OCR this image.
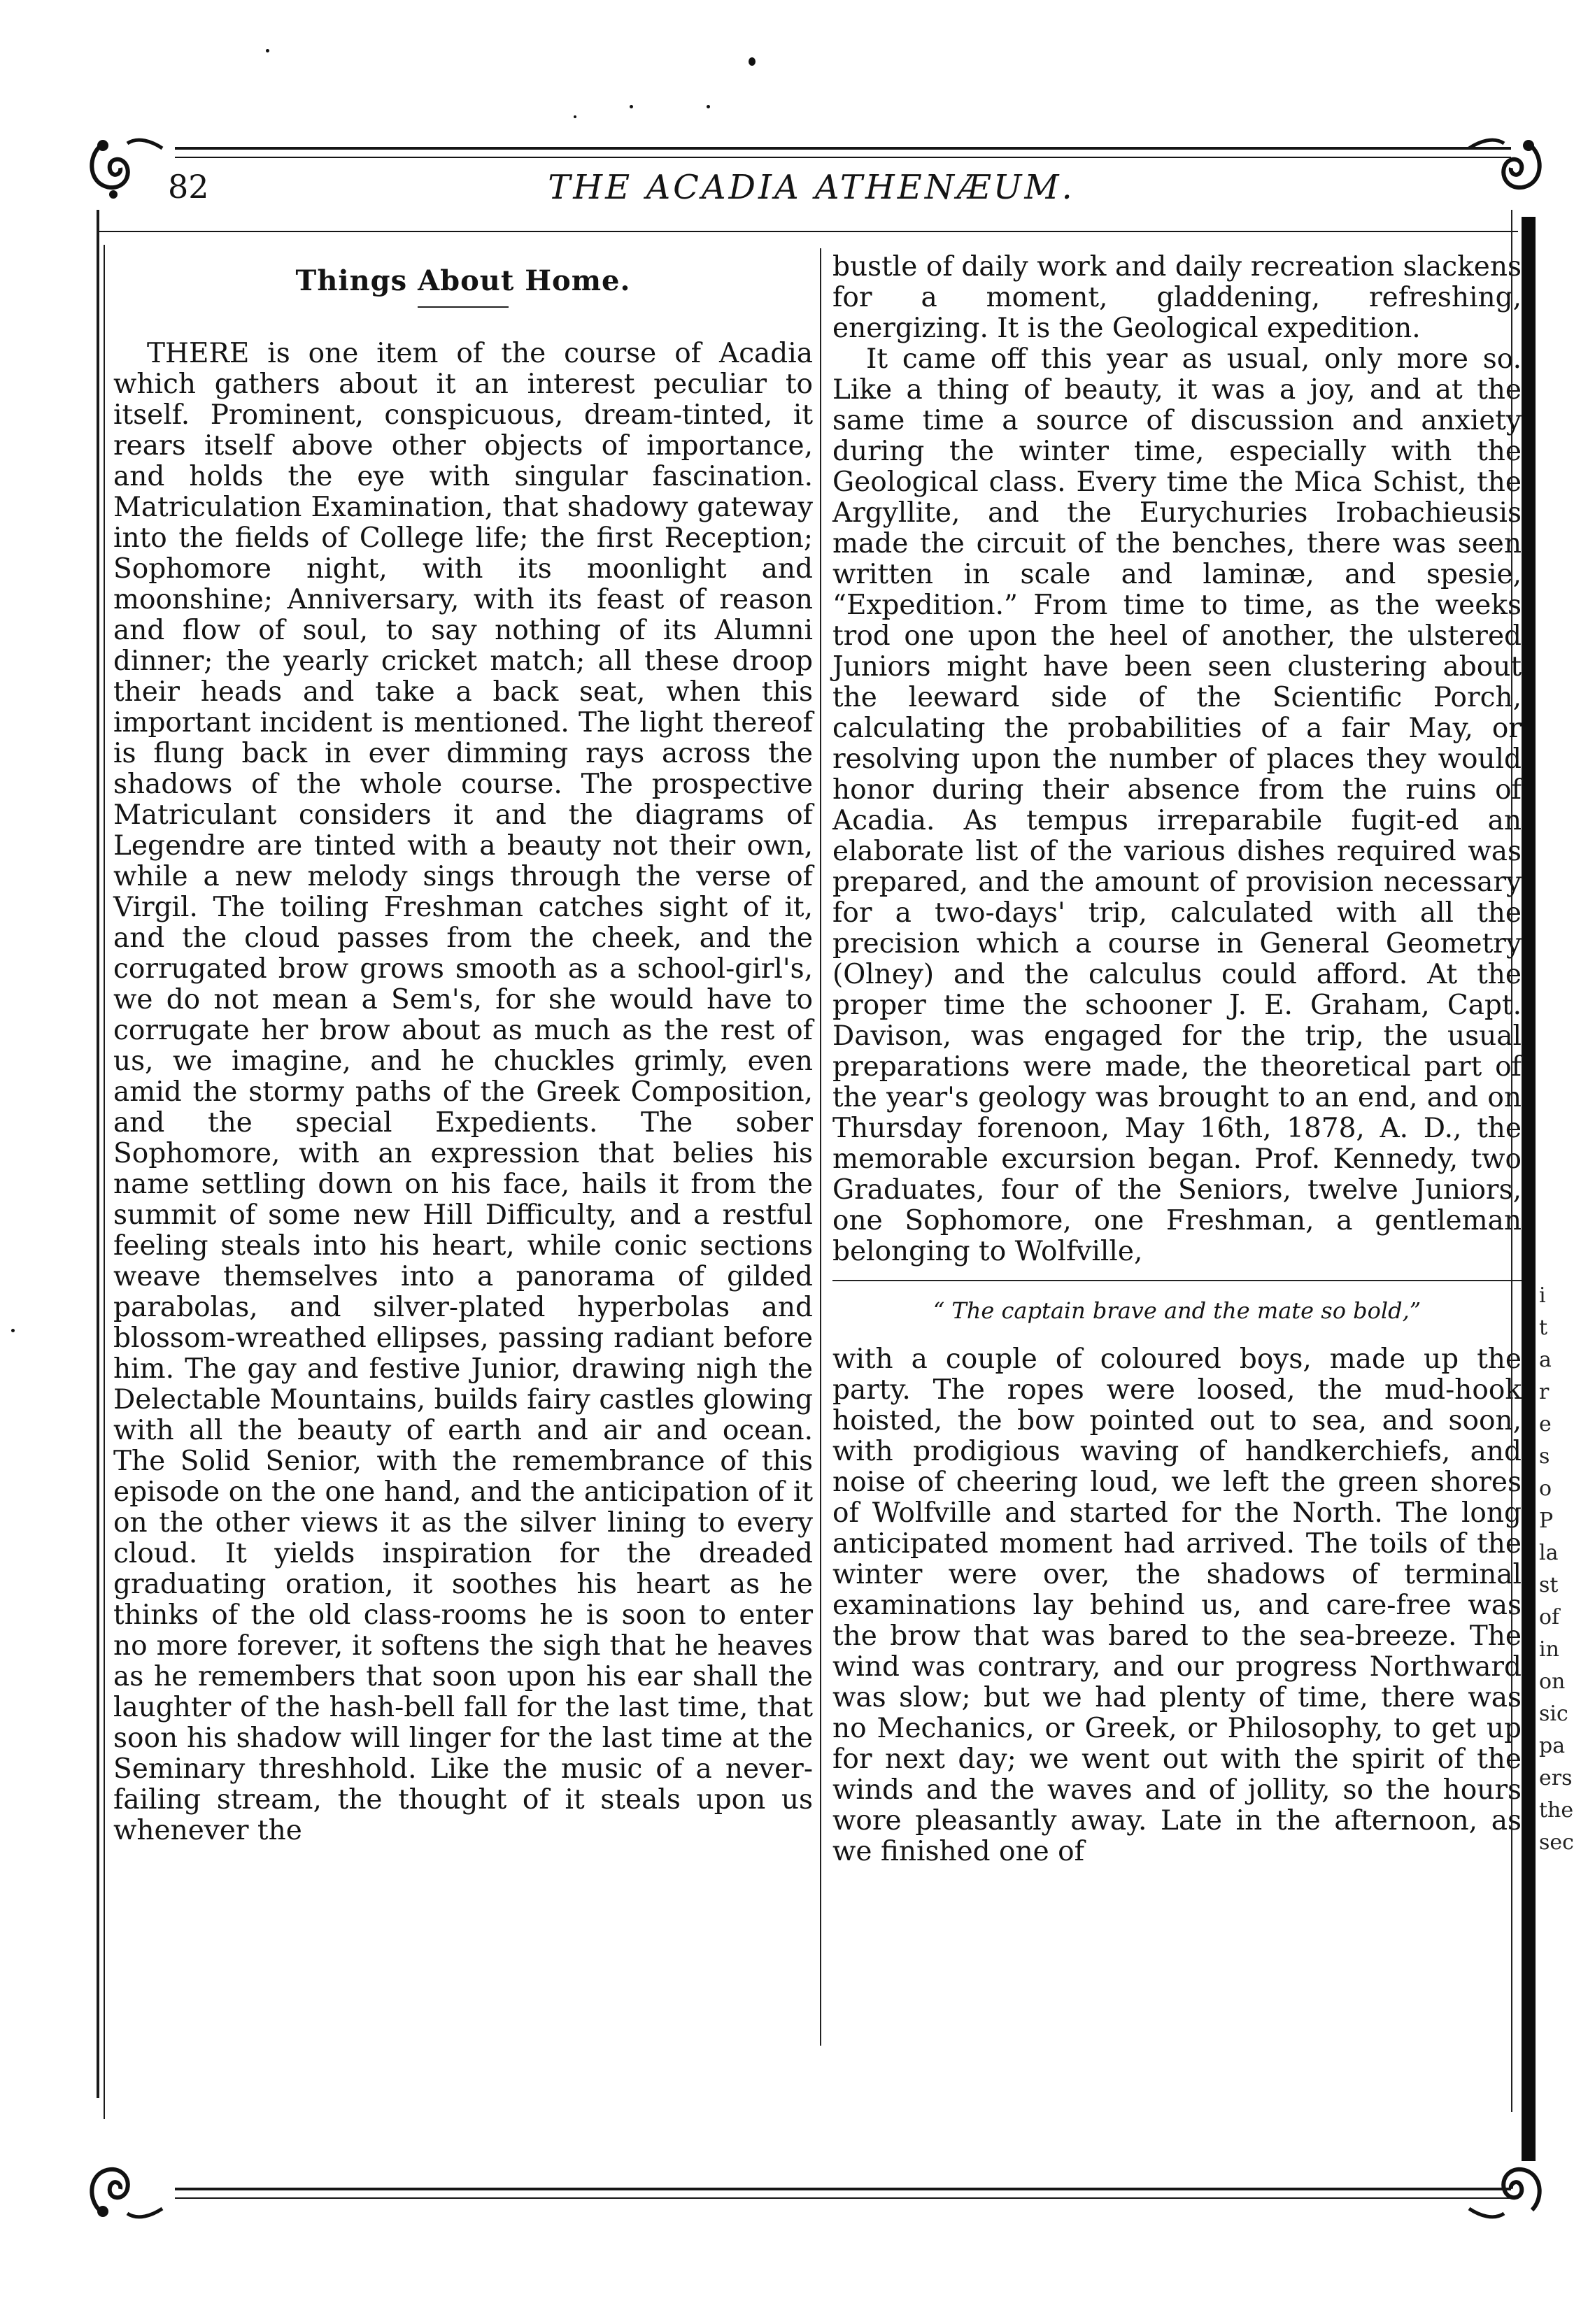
THE ACADIA ATHENÆUM.
82
Things About Home.

THERE is one item of the course of Acadia which gathers about it an interest peculiar to itself. Prominent, conspicuous, dream-tinted, it rears itself above other objects of importance, and holds the eye with singular fascination. Matriculation Examination, that shadowy gateway into the fields of College life; the first Reception; Sophomore night, with its moonlight and moonshine; Anniversary, with its feast of reason and flow of soul, to say nothing of its Alumni dinner; the yearly cricket match; all these droop their heads and take a back seat, when this important incident is mentioned. The light thereof is flung back in ever dimming rays across the shadows of the whole course. The prospective Matriculant considers it and the diagrams of Legendre are tinted with a beauty not their own, while a new melody sings through the verse of Virgil. The toiling Freshman catches sight of it, and the cloud passes from the cheek, and the corrugated brow grows smooth as a school-girl's, we do not mean a Sem's, for she would have to corrugate her brow about as much as the rest of us, we imagine, and he chuckles grimly, even amid the stormy paths of the Greek Composition, and the special Expedients. The sober Sophomore, with an expression that belies his name settling down on his face, hails it from the summit of some new Hill Difficulty, and a restful feeling steals into his heart, while conic sections weave themselves into a panorama of gilded parabolas, and silver-plated hyperbolas and blossom-wreathed ellipses, passing radiant before him. The gay and festive Junior, drawing nigh the Delectable Mountains, builds fairy castles glowing with all the beauty of earth and air and ocean. The Solid Senior, with the remembrance of this episode on the one hand, and the anticipation of it on the other views it as the silver lining to every cloud. It yields inspiration for the dreaded graduating oration, it soothes his heart as he thinks of the old class-rooms he is soon to enter no more forever, it softens the sigh that he heaves as he remembers that soon upon his ear shall the laughter of the hash-bell fall for the last time, that soon his shadow will linger for the last time at the Seminary threshhold. Like the music of a never-failing stream, the thought of it steals upon us whenever the

bustle of daily work and daily recreation slackens for a moment, gladdening, refreshing, energizing. It is the Geological expedition.

It came off this year as usual, only more so. Like a thing of beauty, it was a joy, and at the same time a source of discussion and anxiety during the winter time, especially with the Geological class. Every time the Mica Schist, the Argyllite, and the Eurychuries Irobachieusis made the circuit of the benches, there was seen written in scale and laminæ, and spesie, “Expedition.” From time to time, as the weeks trod one upon the heel of another, the ulstered Juniors might have been seen clustering about the leeward side of the Scientific Porch, calculating the probabilities of a fair May, or resolving upon the number of places they would honor during their absence from the ruins of Acadia. As tempus irreparabile fugit-ed an elaborate list of the various dishes required was prepared, and the amount of provision necessary for a two-days' trip, calculated with all the precision which a course in General Geometry (Olney) and the calculus could afford. At the proper time the schooner J. E. Graham, Capt. Davison, was engaged for the trip, the usual preparations were made, the theoretical part of the year's geology was brought to an end, and on Thursday forenoon, May 16th, 1878, A. D., the memorable excursion began. Prof. Kennedy, two Graduates, four of the Seniors, twelve Juniors, one Sophomore, one Freshman, a gentleman belonging to Wolfville,

“ The captain brave and the mate so bold,”

with a couple of coloured boys, made up the party. The ropes were loosed, the mud-hook hoisted, the bow pointed out to sea, and soon, with prodigious waving of handkerchiefs, and noise of cheering loud, we left the green shores of Wolfville and started for the North. The long anticipated moment had arrived. The toils of the winter were over, the shadows of terminal examinations lay behind us, and care-free was the brow that was bared to the sea-breeze. The wind was contrary, and our progress Northward was slow; but we had plenty of time, there was no Mechanics, or Greek, or Philosophy, to get up for next day; we went out with the spirit of the winds and the waves and of jollity, so the hours wore pleasantly away. Late in the afternoon, as we finished one of

i
t
a
r
e
s
o
P
la
st
of
in
on
sic
pa
ers
the
sec
